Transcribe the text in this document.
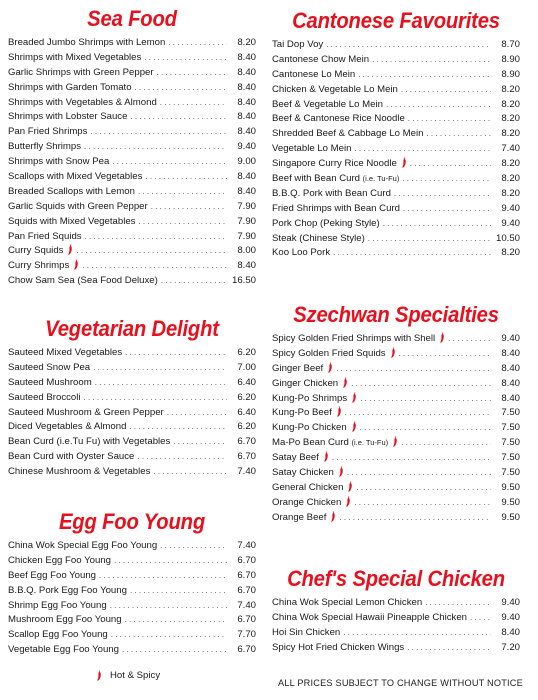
Sea Food
Breaded Jumbo Shrimps with Lemon . . .	8.20
Shrimps with Mixed Vegetables . . .	8.40
Garlic Shrimps with Green Pepper . . .	8.40
Shrimps with Garden Tomato . . .	8.40
Shrimps with Vegetables & Almond . . .	8.40
Shrimps with Lobster Sauce . . .	8.40
Pan Fried Shrimps . . .	8.40
Butterfly Shrimps . . .	9.40
Shrimps with Snow Pea . . .	9.00
Scallops with Mixed Vegetables . . .	8.40
Breaded Scallops with Lemon . . .	8.40
Garlic Squids with Green Pepper . . .	7.90
Squids with Mixed Vegetables . . .	7.90
Pan Fried Squids . . .	7.90
Curry Squids . . .	8.00
Curry Shrimps . . .	8.40
Chow Sam Sea (Sea Food Deluxe) . . .	16.50
Vegetarian Delight
Sauteed Mixed Vegetables . . .	6.20
Sauteed Snow Pea . . .	7.00
Sauteed Mushroom . . .	6.40
Sauteed Broccoli . . .	6.20
Sauteed Mushroom & Green Pepper . . .	6.40
Diced Vegetables & Almond . . .	6.20
Bean Curd (i.e.Tu Fu) with Vegetables . . .	6.70
Bean Curd with Oyster Sauce . . .	6.70
Chinese Mushroom & Vegetables . . .	7.40
Egg Foo Young
China Wok Special Egg Foo Young . . .	7.40
Chicken Egg Foo Young . . .	6.70
Beef Egg Foo Young . . .	6.70
B.B.Q. Pork Egg Foo Young . . .	6.70
Shrimp Egg Foo Young . . .	7.40
Mushroom Egg Foo Young . . .	6.70
Scallop Egg Foo Young . . .	7.70
Vegetable Egg Foo Young . . .	6.70
Cantonese Favourites
Tai Dop Voy . . .	8.70
Cantonese Chow Mein . . .	8.90
Cantonese Lo Mein . . .	8.90
Chicken & Vegetable Lo Mein . . .	8.20
Beef & Vegetable Lo Mein . . .	8.20
Beef & Cantonese Rice Noodle . . .	8.20
Shredded Beef & Cabbage Lo Mein . . .	8.20
Vegetable Lo Mein . . .	7.40
Singapore Curry Rice Noodle . . .	8.20
Beef with Bean Curd (i.e. Tu-Fu) . . .	8.20
B.B.Q. Pork with Bean Curd . . .	8.20
Fried Shrimps with Bean Curd . . .	9.40
Pork Chop (Peking Style) . . .	9.40
Steak (Chinese Style) . . .	10.50
Koo Loo Pork . . .	8.20
Szechwan Specialties
Spicy Golden Fried Shrimps with Shell . . .	9.40
Spicy Golden Fried Squids . . .	8.40
Ginger Beef . . .	8.40
Ginger Chicken . . .	8.40
Kung-Po Shrimps . . .	8.40
Kung-Po Beef . . .	7.50
Kung-Po Chicken . . .	7.50
Ma-Po Bean Curd (i.e. Tu-Fu) . . .	7.50
Satay Beef . . .	7.50
Satay Chicken . . .	7.50
General Chicken . . .	9.50
Orange Chicken . . .	9.50
Orange Beef . . .	9.50
Chef's Special Chicken
China Wok Special Lemon Chicken . . .	9.40
China Wok Special Hawaii Pineapple Chicken . . .	9.40
Hoi Sin Chicken . . .	8.40
Spicy Hot Fried Chicken Wings . . .	7.20
Hot & Spicy
ALL PRICES SUBJECT TO CHANGE WITHOUT NOTICE
